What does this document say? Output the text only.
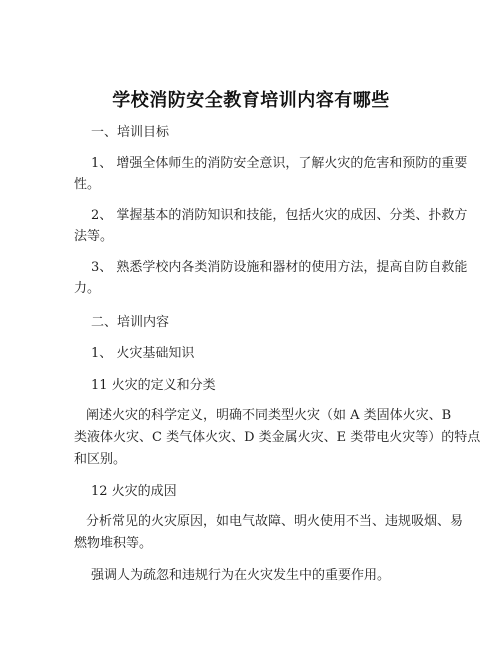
学校消防安全教育培训内容有哪些
一、培训目标
1、 增强全体师生的消防安全意识，了解火灾的危害和预防的重要
性。
2、 掌握基本的消防知识和技能，包括火灾的成因、分类、扑救方
法等。
3、 熟悉学校内各类消防设施和器材的使用方法，提高自防自救能
力。
二、培训内容
1、 火灾基础知识
11 火灾的定义和分类
阐述火灾的科学定义，明确不同类型火灾（如 A 类固体火灾、B
类液体火灾、C 类气体火灾、D 类金属火灾、E 类带电火灾等）的特点
和区别。
12 火灾的成因
分析常见的火灾原因，如电气故障、明火使用不当、违规吸烟、易
燃物堆积等。
强调人为疏忽和违规行为在火灾发生中的重要作用。
